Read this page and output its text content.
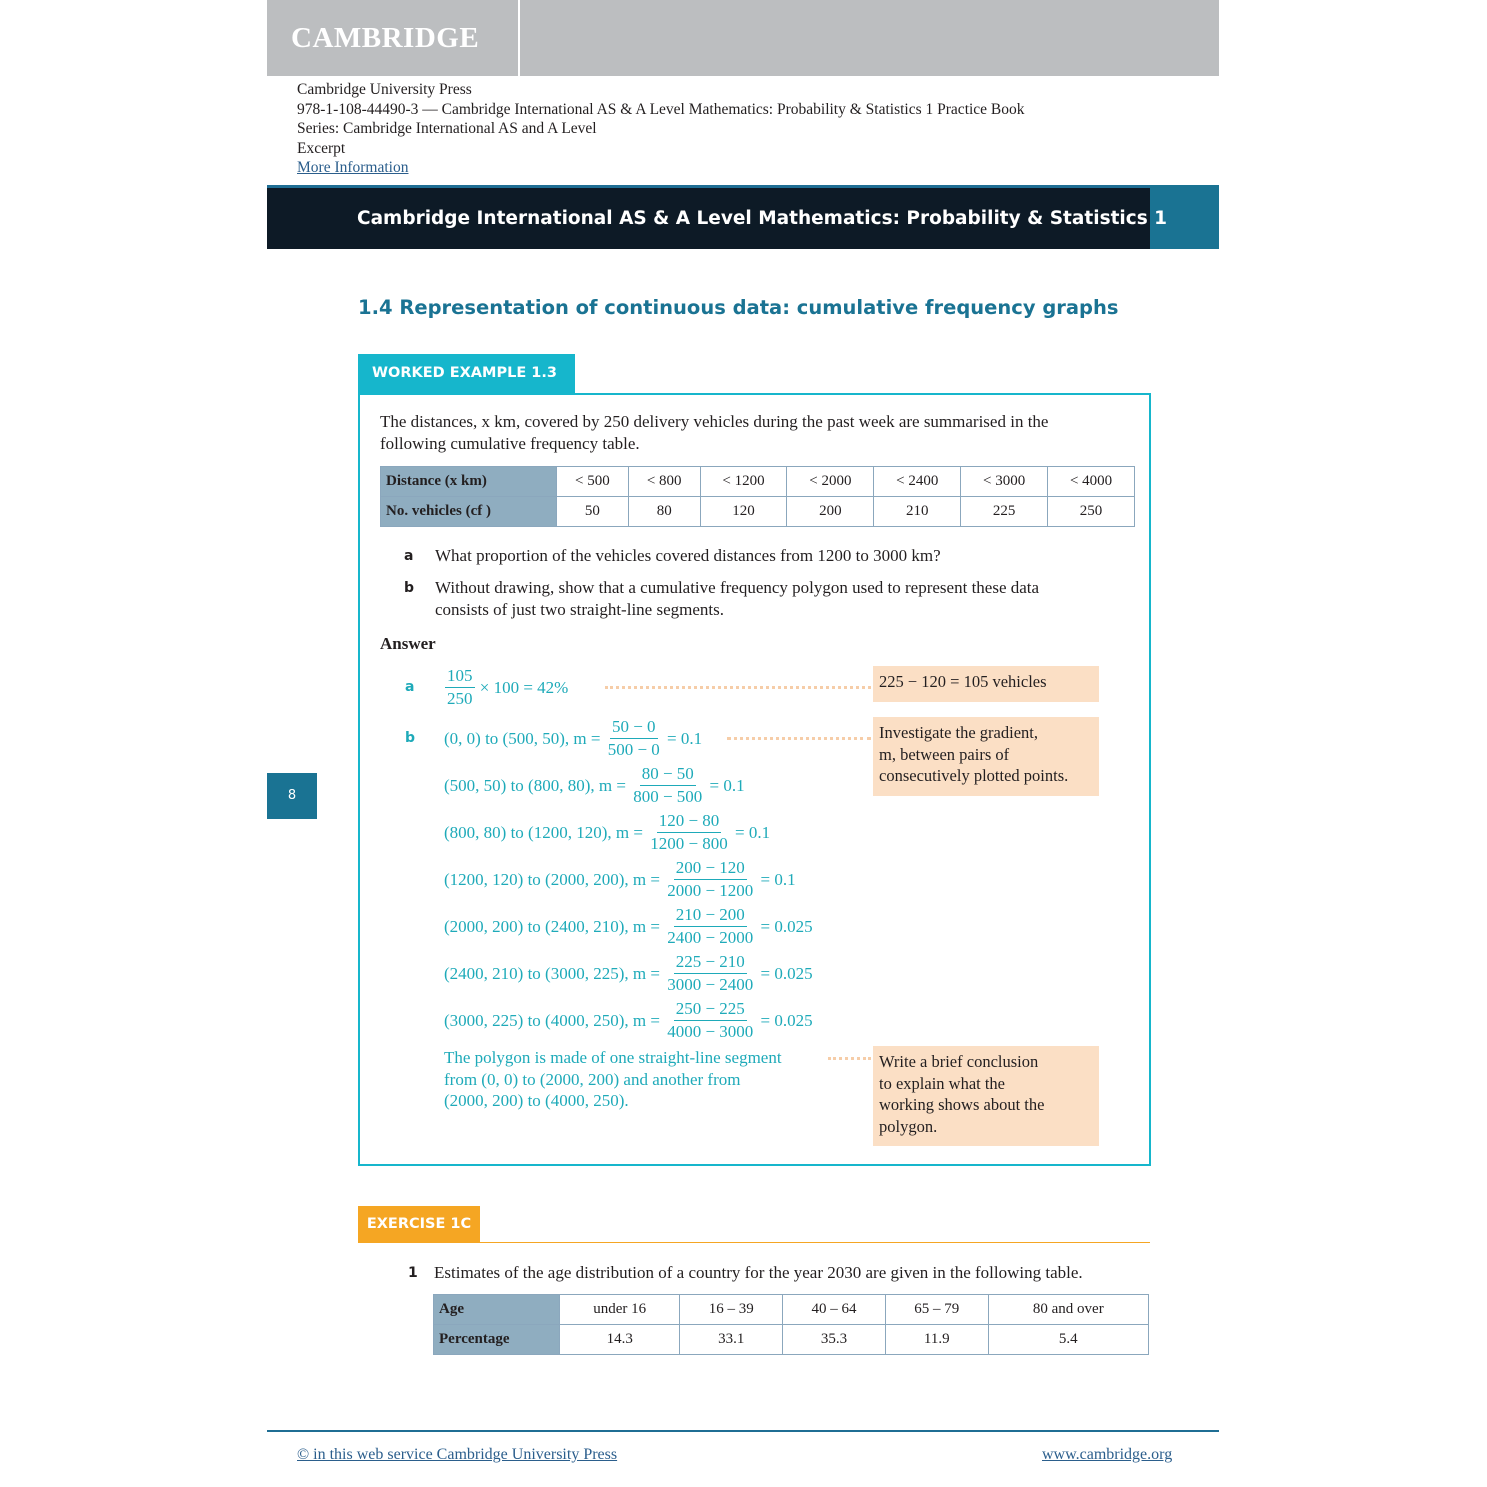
CAMBRIDGE
Cambridge University Press
978-1-108-44490-3 — Cambridge International AS & A Level Mathematics: Probability & Statistics 1 Practice Book
Series: Cambridge International AS and A Level
Excerpt
More Information
Cambridge International AS & A Level Mathematics: Probability & Statistics 1
1.4 Representation of continuous data: cumulative frequency graphs
WORKED EXAMPLE 1.3
The distances, x km, covered by 250 delivery vehicles during the past week are summarised in the
following cumulative frequency table.
Distance (x km)	< 500	< 800	< 1200	< 2000	< 2400	< 3000	< 4000
No. vehicles (cf )	50	80	120	200	210	225	250
a What proportion of the vehicles covered distances from 1200 to 3000 km?
b Without drawing, show that a cumulative frequency polygon used to represent these data
consists of just two straight-line segments.
Answer
a $\frac{105}{250} \times 100 = 42\%$	225 − 120 = 105 vehicles
b	Investigate the gradient,
m, between pairs of
consecutively plotted points.
(0, 0) to (500, 50), $m = \frac{50 - 0}{500 - 0} = 0.1$
(500, 50) to (800, 80), $m = \frac{80 - 50}{800 - 500} = 0.1$
(800, 80) to (1200, 120), $m = \frac{120 - 80}{1200 - 800} = 0.1$
(1200, 120) to (2000, 200), $m = \frac{200 - 120}{2000 - 1200} = 0.1$
(2000, 200) to (2400, 210), $m = \frac{210 - 200}{2400 - 2000} = 0.025$
(2400, 210) to (3000, 225), $m = \frac{225 - 210}{3000 - 2400} = 0.025$
(3000, 225) to (4000, 250), $m = \frac{250 - 225}{4000 - 3000} = 0.025$
The polygon is made of one straight-line segment
from (0, 0) to (2000, 200) and another from
(2000, 200) to (4000, 250).
Write a brief conclusion
to explain what the
working shows about the
polygon.
8
EXERCISE 1C
1 Estimates of the age distribution of a country for the year 2030 are given in the following table.
Age	under 16	16 – 39	40 – 64	65 – 79	80 and over
Percentage	14.3	33.1	35.3	11.9	5.4
© in this web service Cambridge University Press	www.cambridge.org
